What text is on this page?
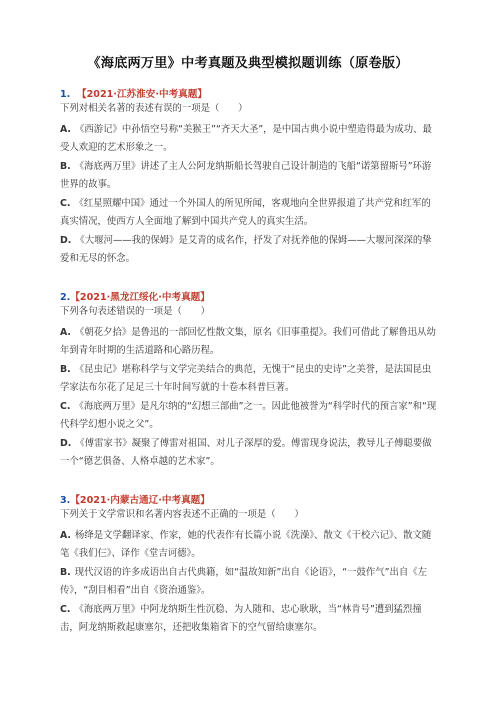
《海底两万里》中考真题及典型模拟题训练（原卷版）
1. 【2021·江苏淮安·中考真题】
下列对相关名著的表述有误的一项是（　　）
A. 《西游记》中孙悟空号称“美猴王”“齐天大圣”，是中国古典小说中塑造得最为成功、最受人欢迎的艺术形象之一。
B. 《海底两万里》讲述了主人公阿龙纳斯船长驾驶自己设计制造的飞船“诺第留斯号”环游世界的故事。
C. 《红星照耀中国》通过一个外国人的所见所闻，客观地向全世界报道了共产党和红军的真实情况，使西方人全面地了解到中国共产党人的真实生活。
D. 《大堰河——我的保姆》是艾青的成名作，抒发了对抚养他的保姆——大堰河深深的挚爱和无尽的怀念。
2.【2021·黑龙江绥化·中考真题】
下列各句表述错误的一项是（　　）
A. 《朝花夕拾》是鲁迅的一部回忆性散文集，原名《旧事重提》。我们可借此了解鲁迅从幼年到青年时期的生活道路和心路历程。
B. 《昆虫记》堪称科学与文学完美结合的典范，无愧于“昆虫的史诗”之美誉，是法国昆虫学家法布尔花了足足三十年时间写就的十卷本科普巨著。
C. 《海底两万里》是凡尔纳的“幻想三部曲”之一。因此他被誉为“科学时代的预言家”和“现代科学幻想小说之父”。
D. 《傅雷家书》凝聚了傅雷对祖国、对儿子深厚的爱。傅雷现身说法，教导儿子傅聪要做一个“德艺俱备、人格卓越的艺术家”。
3.【2021·内蒙古通辽·中考真题】
下列关于文学常识和名著内容表述不正确的一项是（　　）
A. 杨绛是文学翻译家、作家，她的代表作有长篇小说《洗澡》、散文《干校六记》、散文随笔《我们仨》、译作《堂吉诃德》。
B. 现代汉语的许多成语出自古代典籍，如“温故知新”出自《论语》，“一鼓作气”出自《左传》，“刮目相看”出自《资治通鉴》。
C. 《海底两万里》中阿龙纳斯生性沉稳、为人随和、忠心耿耿，当“林肯号”遭到猛烈撞击，阿龙纳斯救起康塞尔，还把收集箱省下的空气留给康塞尔。
